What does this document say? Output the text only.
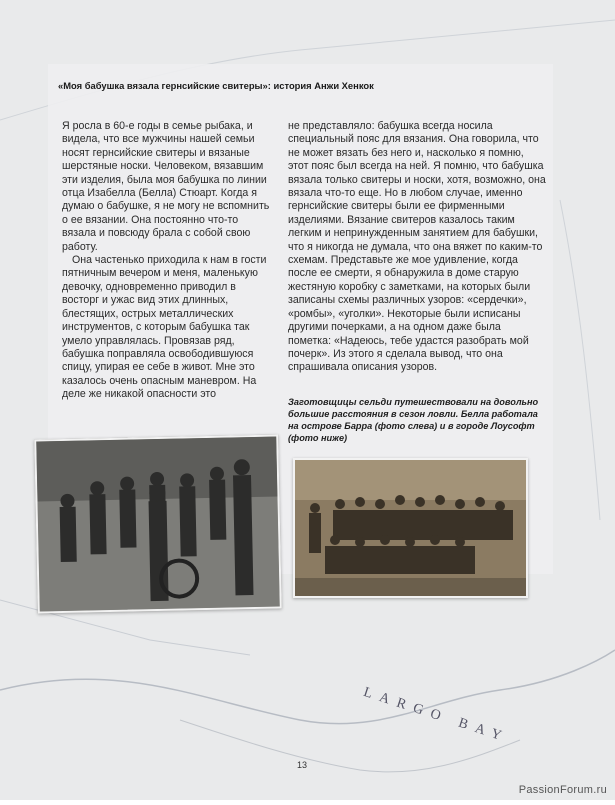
LARGO BAY
«Моя бабушка вязала гернсийские свитеры»: история Анжи Хенкок

Я росла в 60-е годы в семье рыбака, и видела, что все мужчины нашей семьи носят гернсийские свитеры и вязаные шерстяные носки. Человеком, вязавшим эти изделия, была моя бабушка по линии отца Изабелла (Белла) Стюарт. Когда я думаю о бабушке, я не могу не вспомнить о ее вязании. Она постоянно что-то вязала и повсюду брала с собой свою работу.

Она частенько приходила к нам в гости пятничным вечером и меня, маленькую девочку, одновременно приводил в восторг и ужас вид этих длинных, блестящих, острых металлических инструментов, с которым бабушка так умело управлялась. Провязав ряд, бабушка поправляла освободившуюся спицу, упирая ее себе в живот. Мне это казалось очень опасным маневром. На деле же никакой опасности это

не представляло: бабушка всегда носила специальный пояс для вязания. Она говорила, что не может вязать без него и, насколько я помню, этот пояс был всегда на ней. Я помню, что бабушка вязала только свитеры и носки, хотя, возможно, она вязала что-то еще. Но в любом случае, именно гернсийские свитеры были ее фирменными изделиями. Вязание свитеров казалось таким легким и непринужденным занятием для бабушки, что я никогда не думала, что она вяжет по каким-то схемам. Представьте же мое удивление, когда после ее смерти, я обнаружила в доме старую жестяную коробку с заметками, на которых были записаны схемы различных узоров: «сердечки», «ромбы», «уголки». Некоторые были исписаны другими почерками, а на одном даже была пометка: «Надеюсь, тебе удастся разобрать мой почерк». Из этого я сделала вывод, что она спрашивала описания узоров.

Заготовщицы сельди путешествовали на довольно большие расстояния в сезон ловли. Белла работала на острове Барра (фото слева) и в городе Лоусофт (фото ниже)
13
PassionForum.ru
